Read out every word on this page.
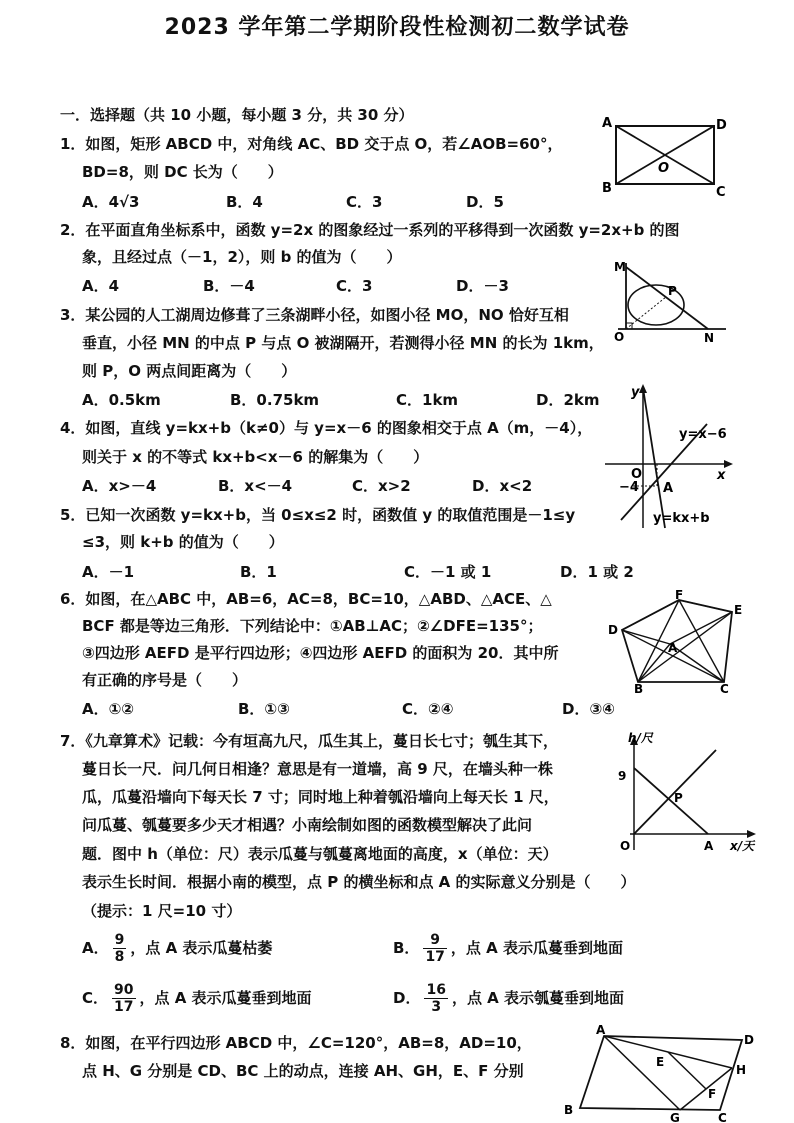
2023 学年第二学期阶段性检测初二数学试卷
一．选择题（共 10 小题，每小题 3 分，共 30 分）
1．如图，矩形 ABCD 中，对角线 AC、BD 交于点 O，若∠AOB=60°，
BD=8，则 DC 长为（　　）
A．4√3	B．4	C．3	D．5
2．在平面直角坐标系中，函数 y=2x 的图象经过一系列的平移得到一次函数 y=2x+b 的图
象，且经过点（－1，2），则 b 的值为（　　）
A．4	B．－4	C．3	D．－3
3．某公园的人工湖周边修葺了三条湖畔小径，如图小径 MO，NO 恰好互相
垂直，小径 MN 的中点 P 与点 O 被湖隔开，若测得小径 MN 的长为 1km，
则 P，O 两点间距离为（　　）
A．0.5km	B．0.75km	C．1km	D．2km
4．如图，直线 y=kx+b（k≠0）与 y=x－6 的图象相交于点 A（m，－4），
则关于 x 的不等式 kx+b<x－6 的解集为（　　）
A．x>－4	B．x<－4	C．x>2	D．x<2
5．已知一次函数 y=kx+b，当 0≤x≤2 时，函数值 y 的取值范围是－1≤y
≤3，则 k+b 的值为（　　）
A．－1	B．1	C．－1 或 1	D．1 或 2
6．如图，在△ABC 中，AB=6，AC=8，BC=10，△ABD、△ACE、△
BCF 都是等边三角形．下列结论中：①AB⊥AC；②∠DFE=135°；
③四边形 AEFD 是平行四边形；④四边形 AEFD 的面积为 20．其中所
有正确的序号是（　　）
A．①②	B．①③	C．②④	D．③④
7．《九章算术》记载：今有垣高九尺，瓜生其上，蔓日长七寸；瓠生其下，
蔓日长一尺．问几何日相逢？意思是有一道墙，高 9 尺，在墙头种一株
瓜，瓜蔓沿墙向下每天长 7 寸；同时地上种着瓠沿墙向上每天长 1 尺，
问瓜蔓、瓠蔓要多少天才相遇？小南绘制如图的函数模型解决了此问
题．图中 h（单位：尺）表示瓜蔓与瓠蔓离地面的高度，x（单位：天）
表示生长时间．根据小南的模型，点 P 的横坐标和点 A 的实际意义分别是（　　）
（提示：1 尺=10 寸）
A． $\frac{9}{8}$ ，点 A 表示瓜蔓枯萎	B． $\frac{9}{17}$ ，点 A 表示瓜蔓垂到地面
C． $\frac{90}{17}$ ，点 A 表示瓜蔓垂到地面	D． $\frac{16}{3}$ ，点 A 表示瓠蔓垂到地面
8．如图，在平行四边形 ABCD 中，∠C=120°，AB=8，AD=10，
点 H、G 分别是 CD、BC 上的动点，连接 AH、GH，E、F 分别
A	D
B	C
O
M
P
O	N
y
x
O
−4 A
y=x−6
y=kx+b
F
E
D
A
B	C
h/尺
9
P
O	A x/天
A
D
E
H
F
B
G	C
